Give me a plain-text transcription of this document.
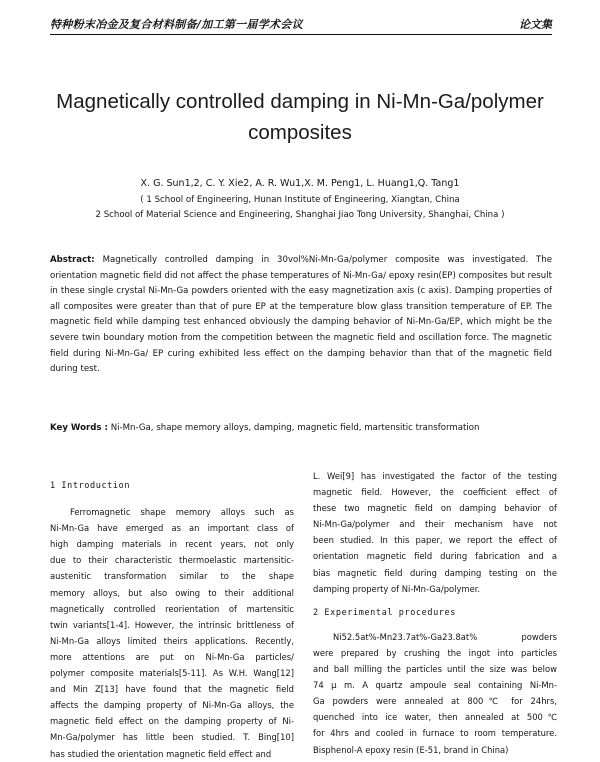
特种粉末冶金及复合材料制备/加工第一届学术会议	论文集
Magnetically controlled damping in Ni-Mn-Ga/polymer composites
X. G. Sun1,2, C. Y. Xie2, A. R. Wu1,X. M. Peng1, L. Huang1,Q. Tang1
( 1 School of Engineering, Hunan Institute of Engineering, Xiangtan, China
2 School of Material Science and Engineering, Shanghai Jiao Tong University, Shanghai, China )
Abstract: Magnetically controlled damping in 30vol%Ni-Mn-Ga/polymer composite was investigated. The orientation magnetic field did not affect the phase temperatures of Ni-Mn-Ga/ epoxy resin(EP) composites but result in these single crystal Ni-Mn-Ga powders oriented with the easy magnetization axis (c axis). Damping properties of all composites were greater than that of pure EP at the temperature blow glass transition temperature of EP. The magnetic field while damping test enhanced obviously the damping behavior of Ni-Mn-Ga/EP, which might be the severe twin boundary motion from the competition between the magnetic field and oscillation force. The magnetic field during Ni-Mn-Ga/ EP curing exhibited less effect on the damping behavior than that of the magnetic field during test.
Key Words : Ni-Mn-Ga, shape memory alloys, damping, magnetic field, martensitic transformation
1 Introduction
Ferromagnetic shape memory alloys such as
Ni-Mn-Ga have emerged as an important class of
high damping materials in recent years, not only
due to their characteristic thermoelastic martensitic-
austenitic transformation similar to the shape
memory alloys, but also owing to their additional
magnetically controlled reorientation of martensitic
twin variants[1-4]. However, the intrinsic brittleness of
Ni-Mn-Ga alloys limited theirs applications. Recently,
more attentions are put on Ni-Mn-Ga particles/
polymer composite materials[5-11]. As W.H. Wang[12]
and Min Z[13] have found that the magnetic field
affects the damping property of Ni-Mn-Ga alloys, the
magnetic field effect on the damping property of Ni-
Mn-Ga/polymer has little been studied. T. Bing[10]
has studied the orientation magnetic field effect and
L. Wei[9] has investigated the factor of the testing
magnetic field. However, the coefficient effect of
these two magnetic field on damping behavior of
Ni-Mn-Ga/polymer and their mechanism have not
been studied. In this paper, we report the effect of
orientation magnetic field during fabrication and a
bias magnetic field during damping testing on the
damping property of Ni-Mn-Ga/polymer.
2 Experimental procedures
Ni52.5at%-Mn23.7at%-Ga23.8at% powders
were prepared by crushing the ingot into particles
and ball milling the particles until the size was below
74 μ m. A quartz ampoule seal containing Ni-Mn-
Ga powders were annealed at 800℃ for 24hrs,
quenched into ice water, then annealed at 500℃
for 4hrs and cooled in furnace to room temperature.
Bisphenol-A epoxy resin (E-51, brand in China)
